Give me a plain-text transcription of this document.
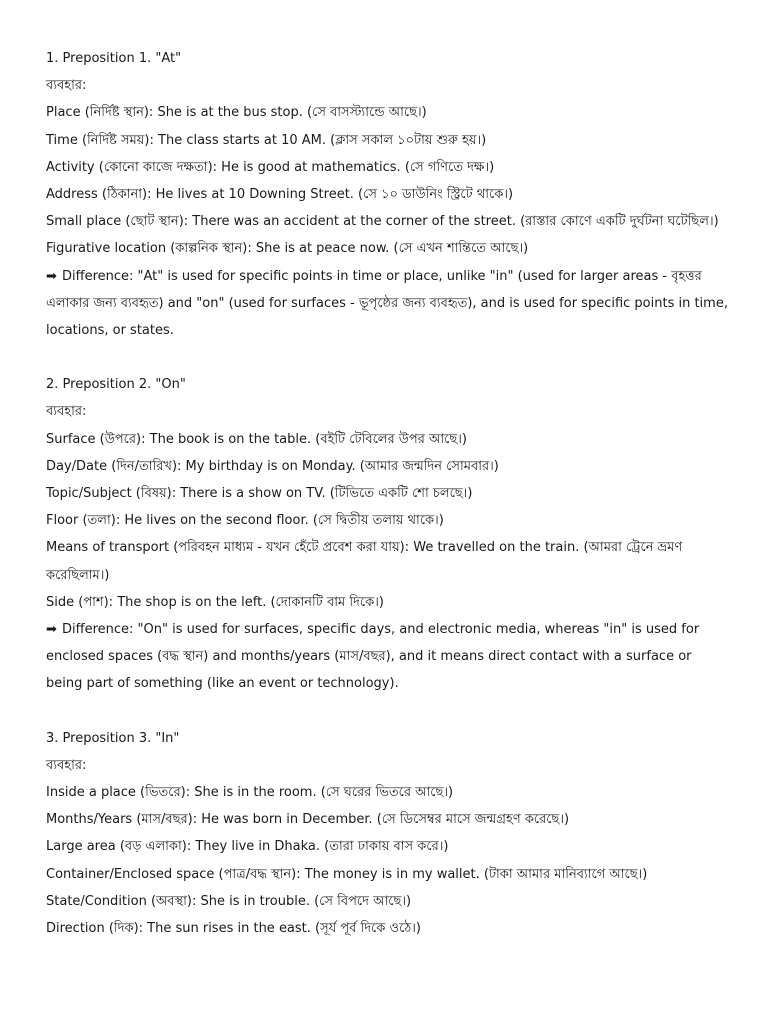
1. Preposition 1. "At"

ব্যবহার:

Place (নির্দিষ্ট স্থান): She is at the bus stop. (সে বাসস্ট্যান্ডে আছে।)

Time (নির্দিষ্ট সময়): The class starts at 10 AM. (ক্লাস সকাল ১০টায় শুরু হয়।)

Activity (কোনো কাজে দক্ষতা): He is good at mathematics. (সে গণিতে দক্ষ।)

Address (ঠিকানা): He lives at 10 Downing Street. (সে ১০ ডাউনিং স্ট্রিটে থাকে।)

Small place (ছোট স্থান): There was an accident at the corner of the street. (রাস্তার কোণে একটি দুর্ঘটনা ঘটেছিল।)

Figurative location (কাল্পনিক স্থান): She is at peace now. (সে এখন শান্তিতে আছে।)

➡ Difference: "At" is used for specific points in time or place, unlike "in" (used for larger areas - বৃহত্তর এলাকার জন্য ব্যবহৃত) and "on" (used for surfaces - ভূপৃষ্ঠের জন্য ব্যবহৃত), and is used for specific points in time, locations, or states.

2. Preposition 2. "On"

ব্যবহার:

Surface (উপরে): The book is on the table. (বইটি টেবিলের উপর আছে।)

Day/Date (দিন/তারিখ): My birthday is on Monday. (আমার জন্মদিন সোমবার।)

Topic/Subject (বিষয়): There is a show on TV. (টিভিতে একটি শো চলছে।)

Floor (তলা): He lives on the second floor. (সে দ্বিতীয় তলায় থাকে।)

Means of transport (পরিবহন মাধ্যম - যখন হেঁটে প্রবেশ করা যায়): We travelled on the train. (আমরা ট্রেনে ভ্রমণ করেছিলাম।)

Side (পাশ): The shop is on the left. (দোকানটি বাম দিকে।)

➡ Difference: "On" is used for surfaces, specific days, and electronic media, whereas "in" is used for enclosed spaces (বদ্ধ স্থান) and months/years (মাস/বছর), and it means direct contact with a surface or being part of something (like an event or technology).

3. Preposition 3. "In"

ব্যবহার:

Inside a place (ভিতরে): She is in the room. (সে ঘরের ভিতরে আছে।)

Months/Years (মাস/বছর): He was born in December. (সে ডিসেম্বর মাসে জন্মগ্রহণ করেছে।)

Large area (বড় এলাকা): They live in Dhaka. (তারা ঢাকায় বাস করে।)

Container/Enclosed space (পাত্র/বদ্ধ স্থান): The money is in my wallet. (টাকা আমার মানিব্যাগে আছে।)

State/Condition (অবস্থা): She is in trouble. (সে বিপদে আছে।)

Direction (দিক): The sun rises in the east. (সূর্য পূর্ব দিকে ওঠে।)
